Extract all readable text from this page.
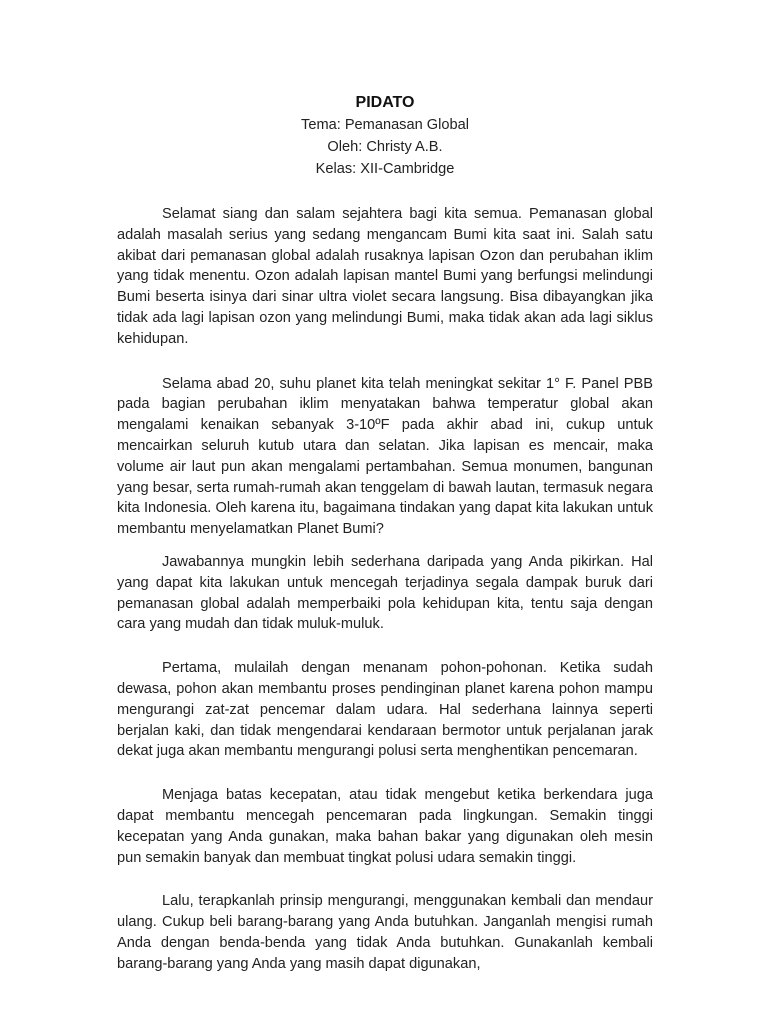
PIDATO

Tema: Pemanasan Global

Oleh: Christy A.B.

Kelas: XII-Cambridge

Selamat siang dan salam sejahtera bagi kita semua. Pemanasan global adalah masalah serius yang sedang mengancam Bumi kita saat ini. Salah satu akibat dari pemanasan global adalah rusaknya lapisan Ozon dan perubahan iklim yang tidak menentu. Ozon adalah lapisan mantel Bumi yang berfungsi melindungi Bumi beserta isinya dari sinar ultra violet secara langsung. Bisa dibayangkan jika tidak ada lagi lapisan ozon yang melindungi Bumi, maka tidak akan ada lagi siklus kehidupan.

Selama abad 20, suhu planet kita telah meningkat sekitar 1° F. Panel PBB pada bagian perubahan iklim menyatakan bahwa temperatur global akan mengalami kenaikan sebanyak 3-10ºF pada akhir abad ini, cukup untuk mencairkan seluruh kutub utara dan selatan. Jika lapisan es mencair, maka volume air laut pun akan mengalami pertambahan. Semua monumen, bangunan yang besar, serta rumah-rumah akan tenggelam di bawah lautan, termasuk negara kita Indonesia. Oleh karena itu, bagaimana tindakan yang dapat kita lakukan untuk membantu menyelamatkan Planet Bumi?

Jawabannya mungkin lebih sederhana daripada yang Anda pikirkan. Hal yang dapat kita lakukan untuk mencegah terjadinya segala dampak buruk dari pemanasan global adalah memperbaiki pola kehidupan kita, tentu saja dengan cara yang mudah dan tidak muluk-muluk.

Pertama, mulailah dengan menanam pohon-pohonan. Ketika sudah dewasa, pohon akan membantu proses pendinginan planet karena pohon mampu mengurangi zat-zat pencemar dalam udara. Hal sederhana lainnya seperti berjalan kaki, dan tidak mengendarai kendaraan bermotor untuk perjalanan jarak dekat juga akan membantu mengurangi polusi serta menghentikan pencemaran.

Menjaga batas kecepatan, atau tidak mengebut ketika berkendara juga dapat membantu mencegah pencemaran pada lingkungan. Semakin tinggi kecepatan yang Anda gunakan, maka bahan bakar yang digunakan oleh mesin pun semakin banyak dan membuat tingkat polusi udara semakin tinggi.

Lalu, terapkanlah prinsip mengurangi, menggunakan kembali dan mendaur ulang. Cukup beli barang-barang yang Anda butuhkan. Janganlah mengisi rumah Anda dengan benda-benda yang tidak Anda butuhkan. Gunakanlah kembali barang-barang yang Anda yang masih dapat digunakan,
